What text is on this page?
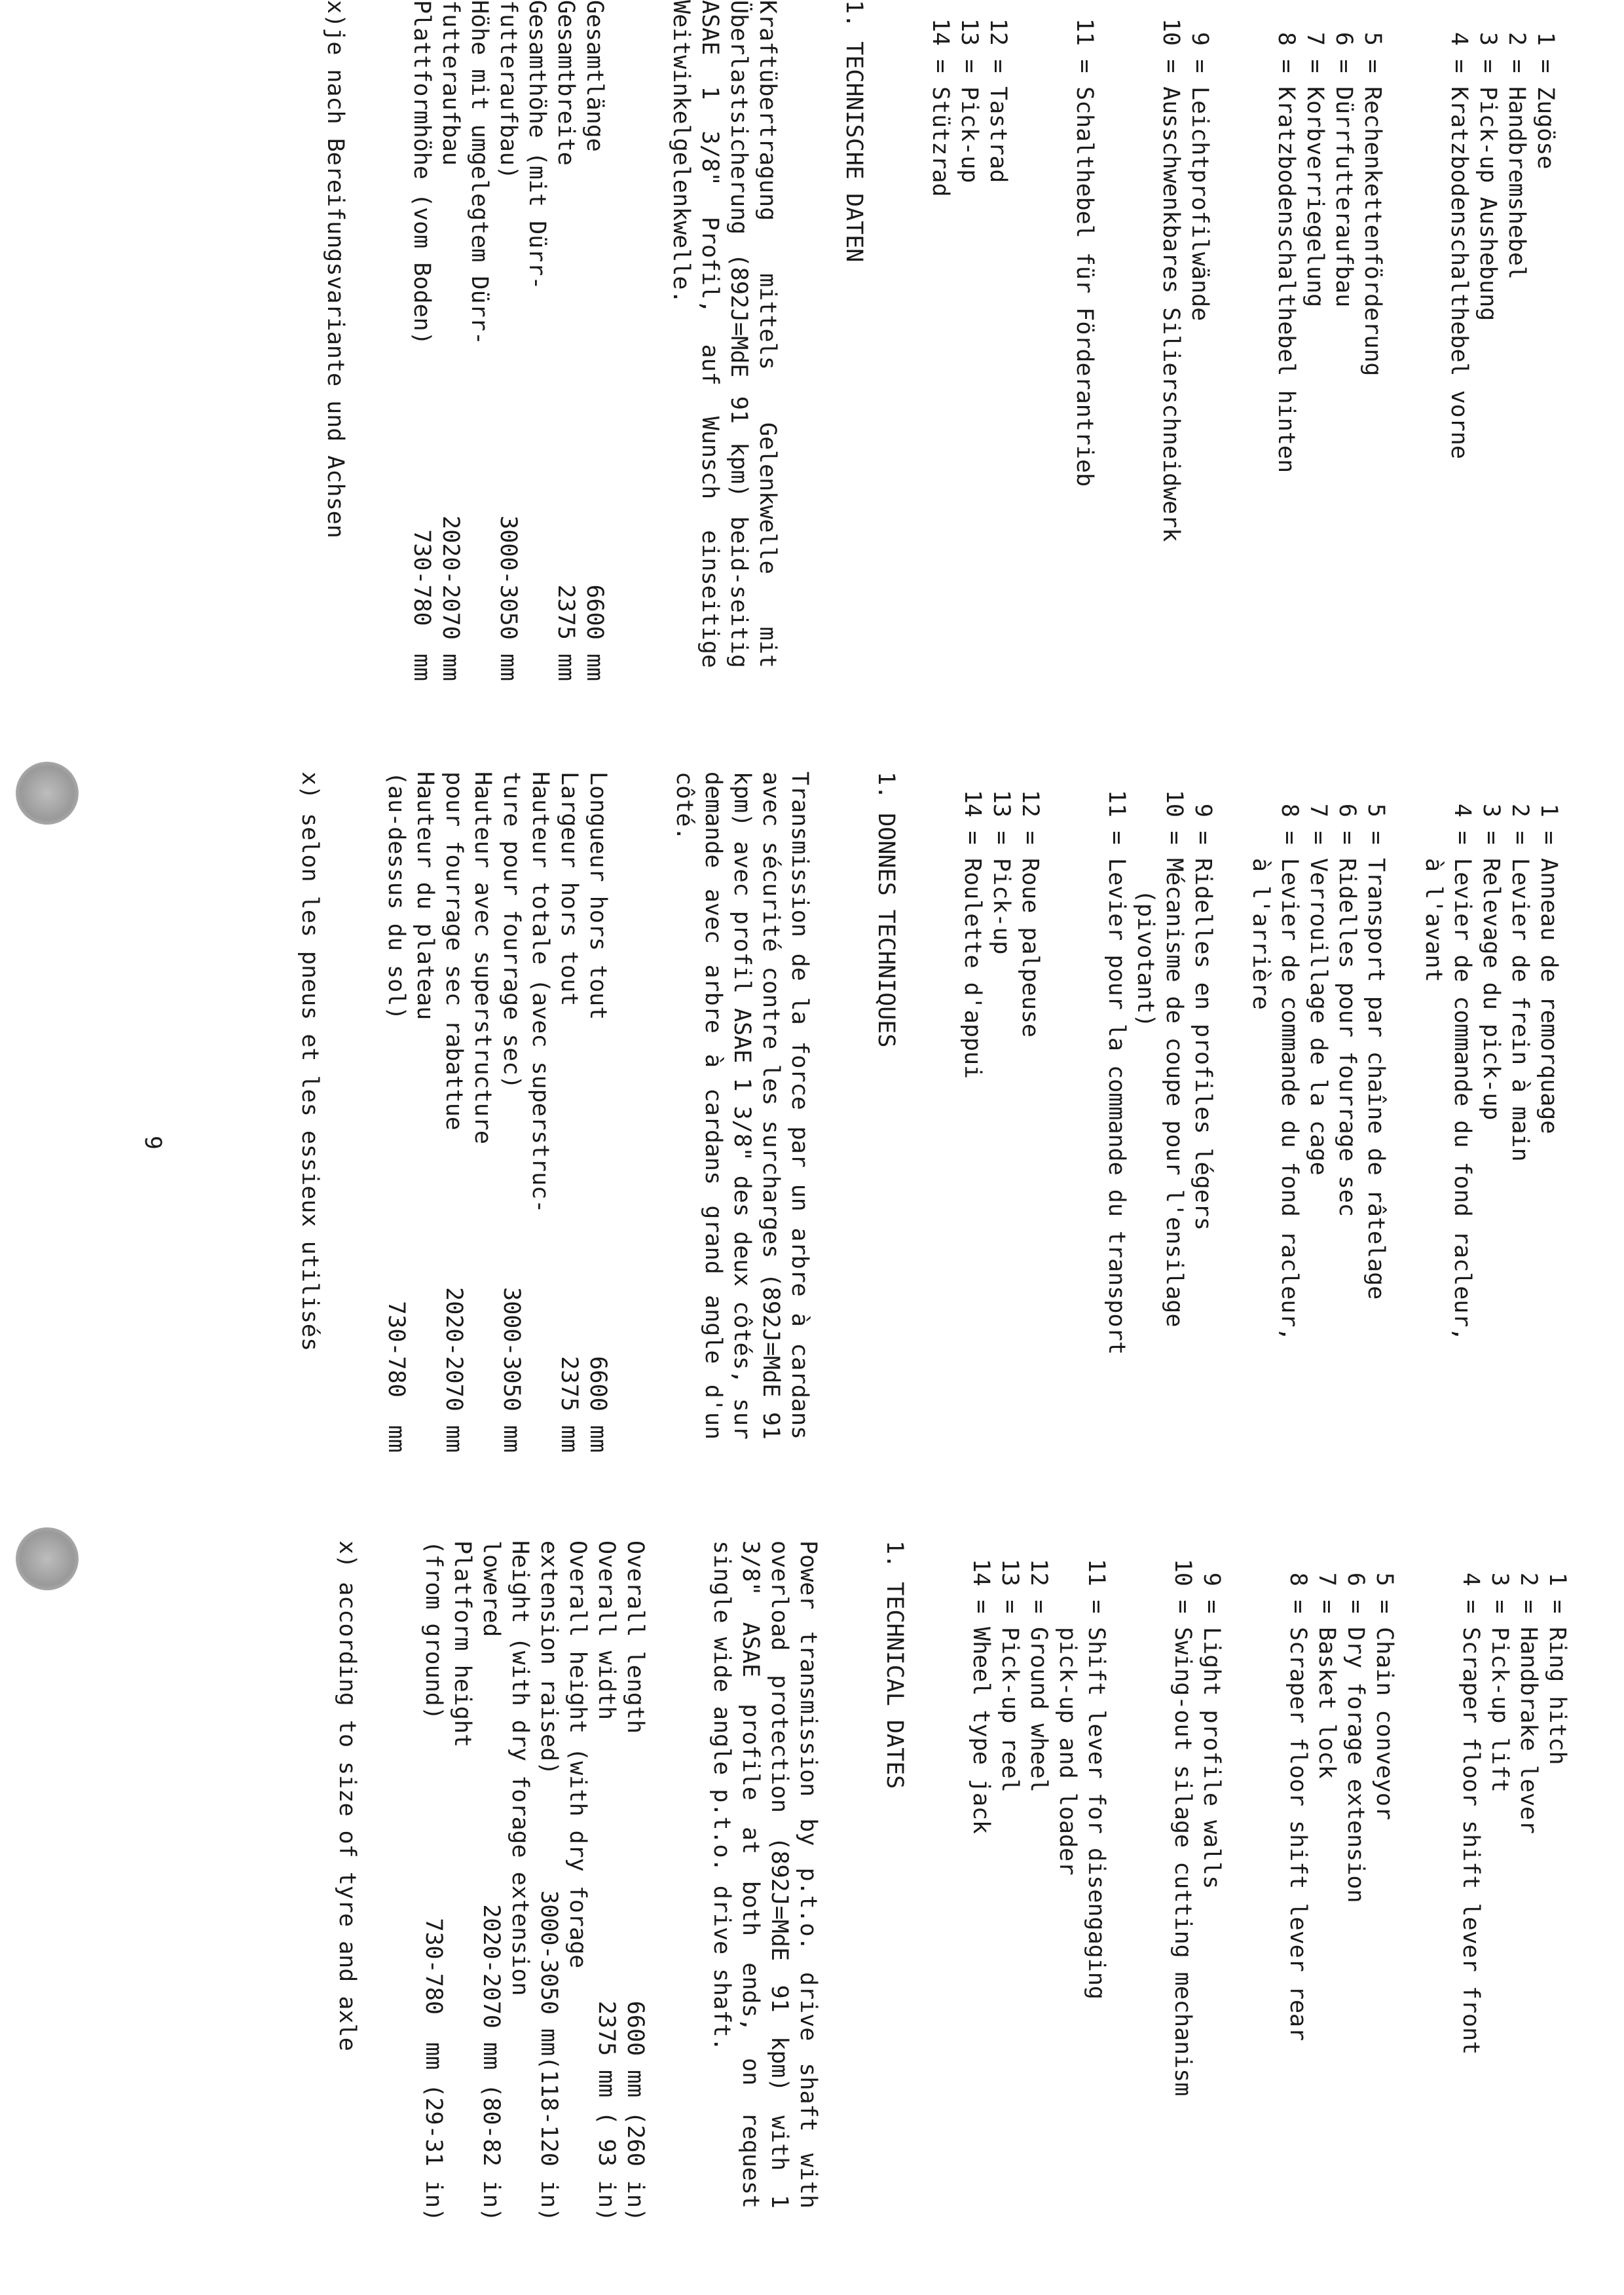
1
=
Zugöse
2
=
Handbremshebel
3
=
Pick-up Aushebung
4
=
Kratzbodenschalthebel vorne
5
=
Rechenkettenförderung
6
=
Dürrfutteraufbau
7
=
Korbverriegelung
8
=
Kratzbodenschalthebel hinten
9
=
Leichtprofilwände
10
=
Ausschwenkbares Silierschneidwerk
11
=
Schalthebel für Förderantrieb
12
=
Tastrad
13
=
Pick-up
14
=
Stützrad
1. TECHNISCHE DATEN

Kraftübertragung mittels Gelenkwelle mit Überlastsicherung (892J=MdE 91 kpm) beid-seitig ASAE 1 3/8" Profil, auf Wunsch einseitige Weitwinkelgelenkwelle.

Gesamtlänge
6600 mm
Gesamtbreite
2375 mm
Gesamthöhe (mit Dürr-
futteraufbau)
3000-3050 mm
Höhe mit umgelegtem Dürr-
futteraufbau
2020-2070 mm
Plattformhöhe (vom Boden)
730-780  mm
x)je nach Bereifungsvariante und Achsen
1
=
Anneau de remorquage
2
=
Levier de frein à main
3
=
Relevage du pick-up
4
=
Levier de commande du fond racleur,
à l'avant
5
=
Transport par chaîne de râtelage
6
=
Ridelles pour fourrage sec
7
=
Verrouillage de la cage
8
=
Levier de commande du fond racleur,
à l'arrière
9
=
Ridelles en profiles légers
10
=
Mécanisme de coupe pour l'ensilage
(pivotant)
11
=
Levier pour la commande du transport
12
=
Roue palpeuse
13
=
Pick-up
14
=
Roulette d'appui
1. DONNES TECHNIQUES

Transmission de la force par un arbre à cardans avec sécurité contre les surcharges (892J=MdE 91 kpm) avec profil ASAE 1 3/8" des deux côtés, sur demande avec arbre à cardans grand angle d'un côté.

Longueur hors tout
6600 mm
Largeur hors tout
2375 mm
Hauteur totale (avec superstruc-
ture pour fourrage sec)
3000-3050 mm
Hauteur avec superstructure
pour fourrage sec rabattue
2020-2070 mm
Hauteur du plateau
(au-dessus du sol)
730-780  mm
x) selon les pneus et les essieux utilisés
1
=
Ring hitch
2
=
Handbrake lever
3
=
Pick-up lift
4
=
Scraper floor shift lever front
5
=
Chain conveyor
6
=
Dry forage extension
7
=
Basket lock
8
=
Scraper floor shift lever rear
9
=
Light profile walls
10
=
Swing-out silage cutting mechanism
11
=
Shift lever for disengaging
pick-up and loader
12
=
Ground wheel
13
=
Pick-up reel
14
=
Wheel type jack
1. TECHNICAL DATES

Power transmission by p.t.o. drive shaft with overload protection (892J=MdE 91 kpm) with 1 3/8" ASAE profile at both ends, on request single wide angle p.t.o. drive shaft.

Overall length
6600 mm (260 in)
Overall width
2375 mm ( 93 in)
Overall height (with dry forage
extension raised)
3000-3050 mm(118-120 in)
Height (with dry forage extension
lowered
2020-2070 mm (80-82 in)
Platform height
(from ground)
730-780  mm (29-31 in)
x) according to size of tyre and axle
9
